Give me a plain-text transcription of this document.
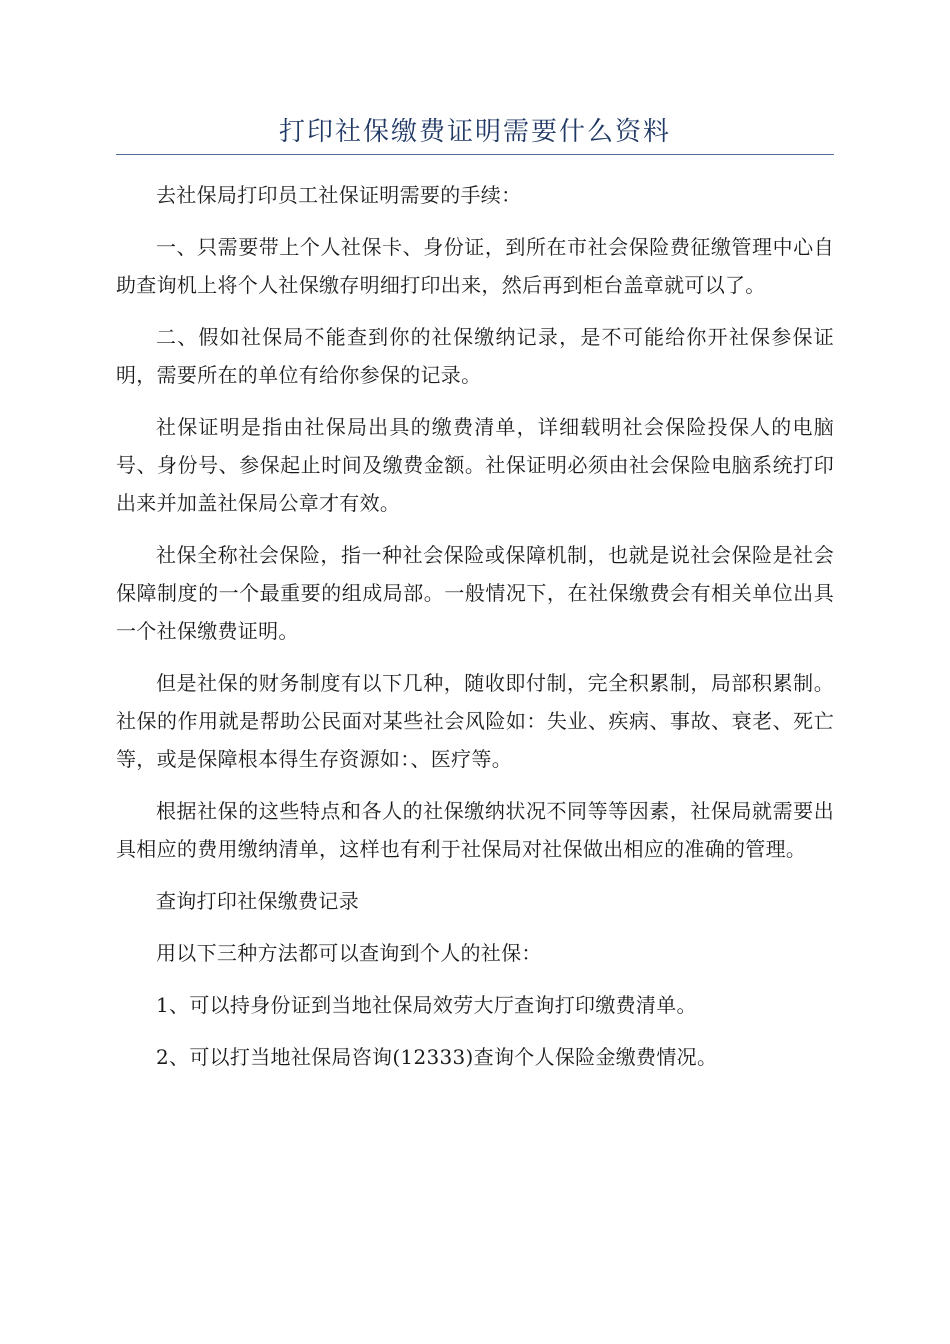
打印社保缴费证明需要什么资料

去社保局打印员工社保证明需要的手续：

一、只需要带上个人社保卡、身份证，到所在市社会保险费征缴管理中心自助查询机上将个人社保缴存明细打印出来，然后再到柜台盖章就可以了。

二、假如社保局不能查到你的社保缴纳记录，是不可能给你开社保参保证明，需要所在的单位有给你参保的记录。

社保证明是指由社保局出具的缴费清单，详细载明社会保险投保人的电脑号、身份号、参保起止时间及缴费金额。社保证明必须由社会保险电脑系统打印出来并加盖社保局公章才有效。

社保全称社会保险，指一种社会保险或保障机制，也就是说社会保险是社会保障制度的一个最重要的组成局部。一般情况下，在社保缴费会有相关单位出具一个社保缴费证明。

但是社保的财务制度有以下几种，随收即付制，完全积累制，局部积累制。社保的作用就是帮助公民面对某些社会风险如：失业、疾病、事故、衰老、死亡等，或是保障根本得生存资源如：、医疗等。

根据社保的这些特点和各人的社保缴纳状况不同等等因素，社保局就需要出具相应的费用缴纳清单，这样也有利于社保局对社保做出相应的准确的管理。

查询打印社保缴费记录

用以下三种方法都可以查询到个人的社保：

1、可以持身份证到当地社保局效劳大厅查询打印缴费清单。

2、可以打当地社保局咨询(12333)查询个人保险金缴费情况。
